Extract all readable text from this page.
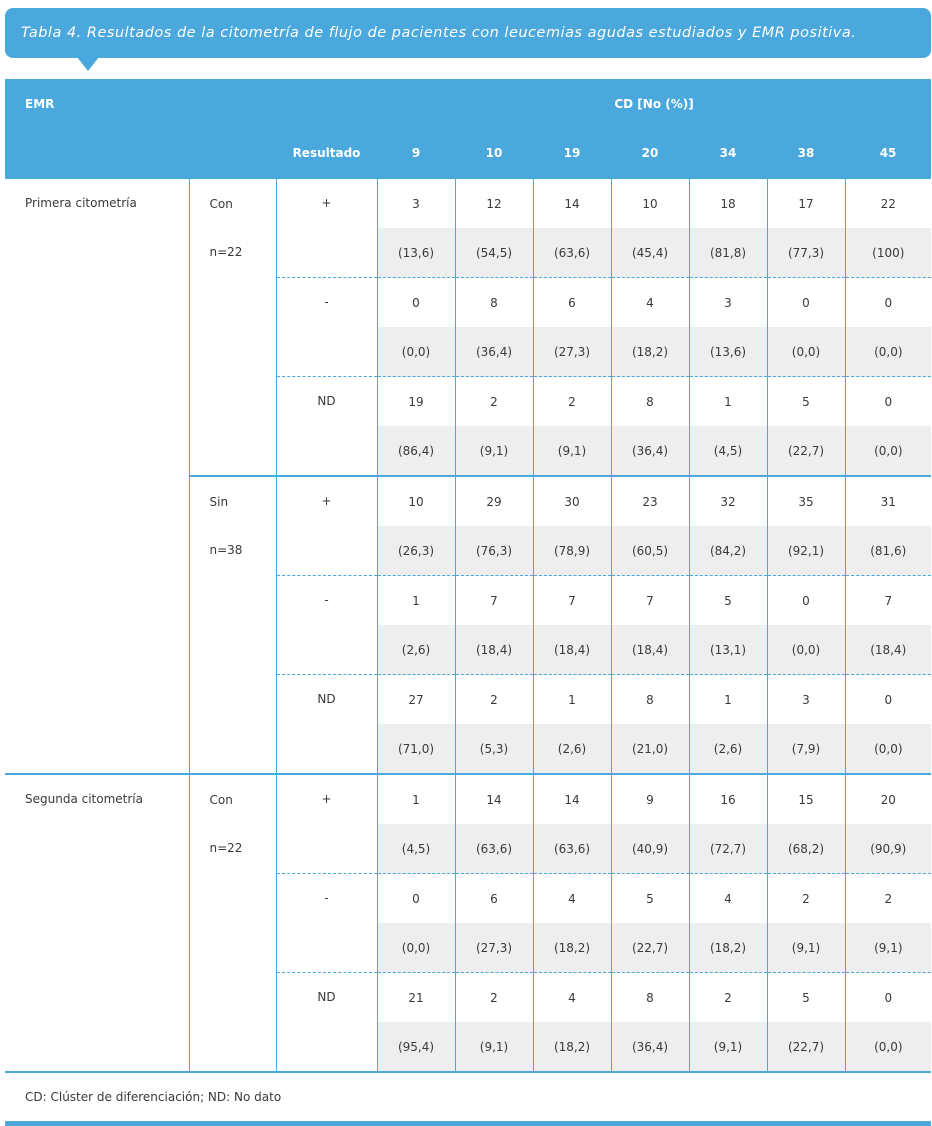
Tabla 4. Resultados de la citometría de flujo de pacientes con leucemias agudas estudiados y EMR positiva.
EMR			CD [No (%)]						
		Resultado	9	10	19	20	34	38	45
Primera citometría	Con	+	3	12	14	10	18	17	22
	n=22		(13,6)	(54,5)	(63,6)	(45,4)	(81,8)	(77,3)	(100)
		-	0	8	6	4	3	0	0
			(0,0)	(36,4)	(27,3)	(18,2)	(13,6)	(0,0)	(0,0)
		ND	19	2	2	8	1	5	0
			(86,4)	(9,1)	(9,1)	(36,4)	(4,5)	(22,7)	(0,0)
	Sin	+	10	29	30	23	32	35	31
	n=38		(26,3)	(76,3)	(78,9)	(60,5)	(84,2)	(92,1)	(81,6)
		-	1	7	7	7	5	0	7
			(2,6)	(18,4)	(18,4)	(18,4)	(13,1)	(0,0)	(18,4)
		ND	27	2	1	8	1	3	0
			(71,0)	(5,3)	(2,6)	(21,0)	(2,6)	(7,9)	(0,0)
Segunda citometría	Con	+	1	14	14	9	16	15	20
	n=22		(4,5)	(63,6)	(63,6)	(40,9)	(72,7)	(68,2)	(90,9)
		-	0	6	4	5	4	2	2
			(0,0)	(27,3)	(18,2)	(22,7)	(18,2)	(9,1)	(9,1)
		ND	21	2	4	8	2	5	0
			(95,4)	(9,1)	(18,2)	(36,4)	(9,1)	(22,7)	(0,0)
CD: Clúster de diferenciación; ND: No dato									
